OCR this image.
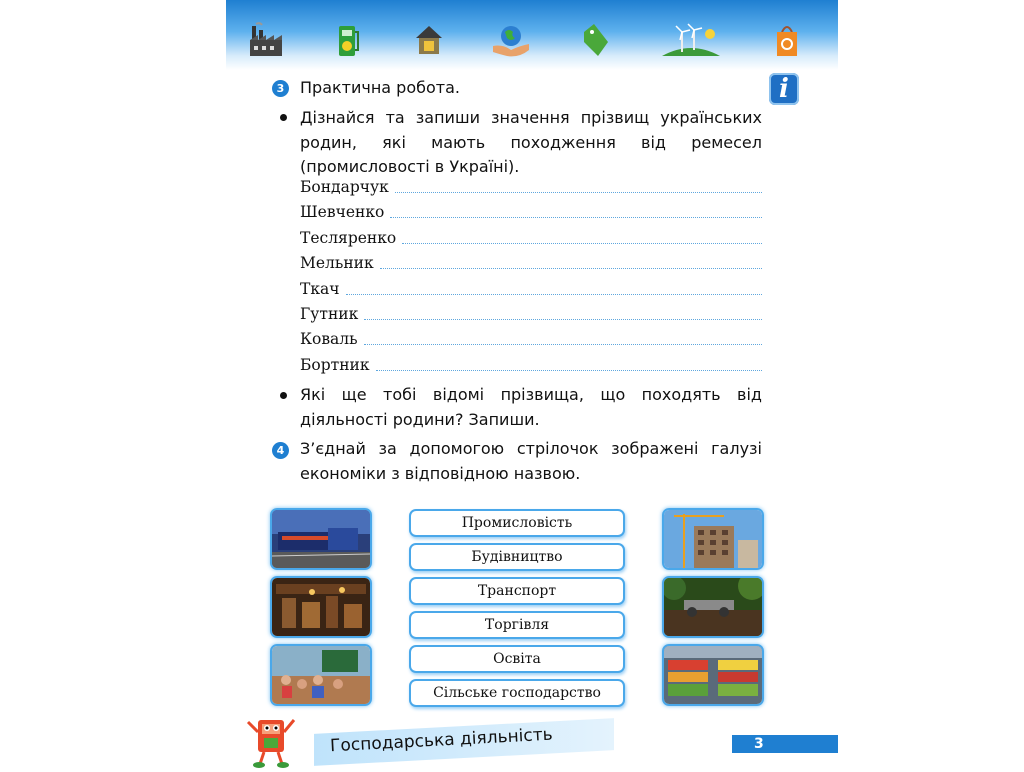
i
3 Практична робота.
Дізнайся та запиши значення прізвищ українських родин, які мають походження від ремесел (промисловості в Україні).
Бондарчук
Шевченко
Тесляренко
Мельник
Ткач
Гутник
Коваль
Бортник
Які ще тобі відомі прізвища, що походять від діяльності родини? Запиши.
4 З’єднай за допомогою стрілочок зображені галузі економіки з відповідною назвою.
Промисловість
Будівництво
Транспорт
Торгівля
Освіта
Сільське господарство
Господарська діяльність	3
